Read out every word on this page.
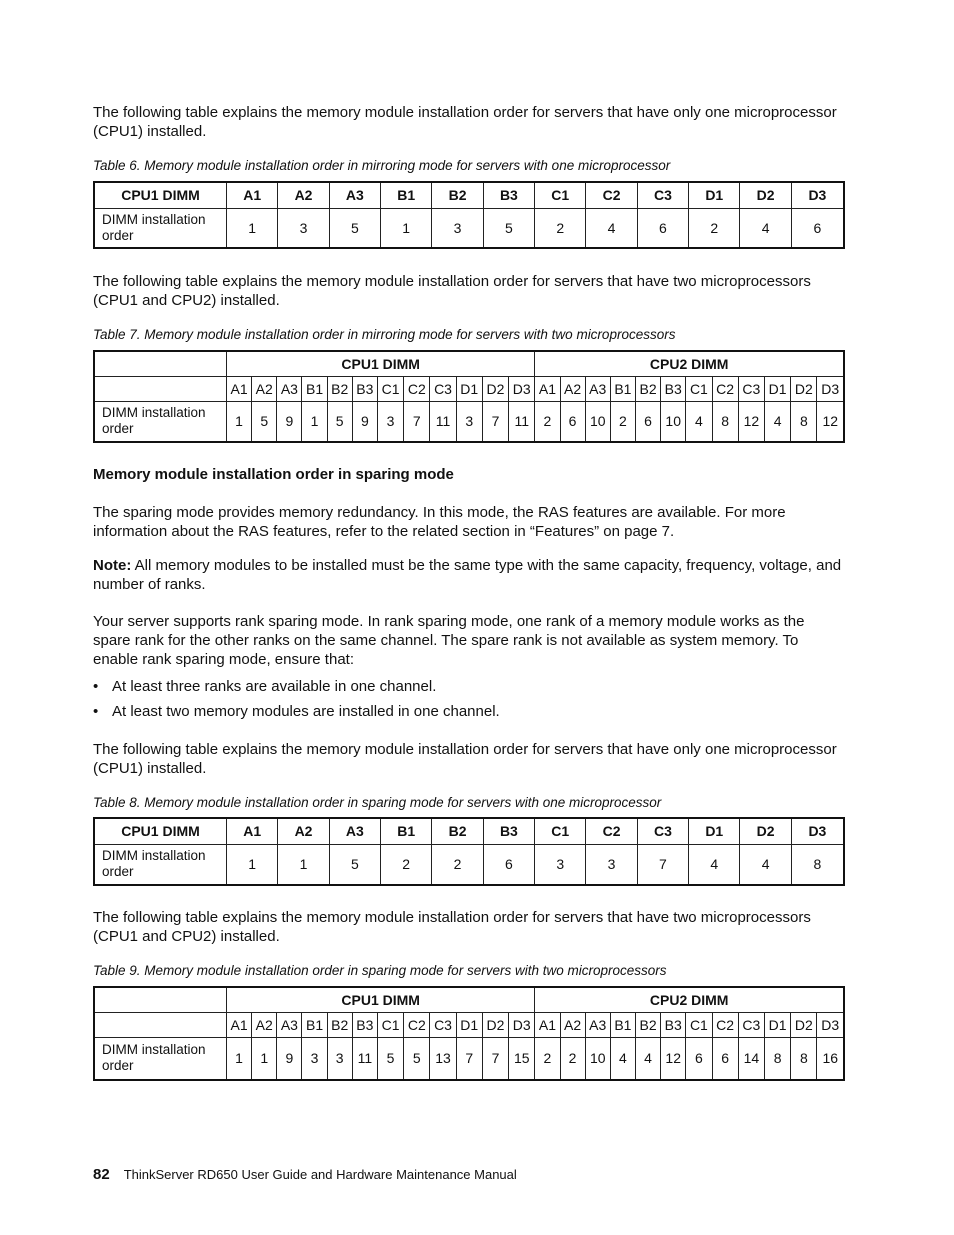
The following table explains the memory module installation order for servers that have only one microprocessor (CPU1) installed.

Table 6. Memory module installation order in mirroring mode for servers with one microprocessor

CPU1 DIMM	A1	A2	A3	B1	B2	B3	C1	C2	C3	D1	D2	D3
DIMM installation order	1	3	5	1	3	5	2	4	6	2	4	6

The following table explains the memory module installation order for servers that have two microprocessors (CPU1 and CPU2) installed.

Table 7. Memory module installation order in mirroring mode for servers with two microprocessors

	CPU1 DIMM												CPU2 DIMM											
	A1	A2	A3	B1	B2	B3	C1	C2	C3	D1	D2	D3	A1	A2	A3	B1	B2	B3	C1	C2	C3	D1	D2	D3
DIMM installation order	1	5	9	1	5	9	3	7	11	3	7	11	2	6	10	2	6	10	4	8	12	4	8	12
Memory module installation order in sparing mode

The sparing mode provides memory redundancy. In this mode, the RAS features are available. For more information about the RAS features, refer to the related section in “Features” on page 7.

Note: All memory modules to be installed must be the same type with the same capacity, frequency, voltage, and number of ranks.

Your server supports rank sparing mode. In rank sparing mode, one rank of a memory module works as the spare rank for the other ranks on the same channel. The spare rank is not available as system memory. To enable rank sparing mode, ensure that:

• At least three ranks are available in one channel.
• At least two memory modules are installed in one channel.

The following table explains the memory module installation order for servers that have only one microprocessor (CPU1) installed.

Table 8. Memory module installation order in sparing mode for servers with one microprocessor

CPU1 DIMM	A1	A2	A3	B1	B2	B3	C1	C2	C3	D1	D2	D3
DIMM installation order	1	1	5	2	2	6	3	3	7	4	4	8

The following table explains the memory module installation order for servers that have two microprocessors (CPU1 and CPU2) installed.

Table 9. Memory module installation order in sparing mode for servers with two microprocessors

	CPU1 DIMM												CPU2 DIMM											
	A1	A2	A3	B1	B2	B3	C1	C2	C3	D1	D2	D3	A1	A2	A3	B1	B2	B3	C1	C2	C3	D1	D2	D3
DIMM installation order	1	1	9	3	3	11	5	5	13	7	7	15	2	2	10	4	4	12	6	6	14	8	8	16
82 ThinkServer RD650 User Guide and Hardware Maintenance Manual
